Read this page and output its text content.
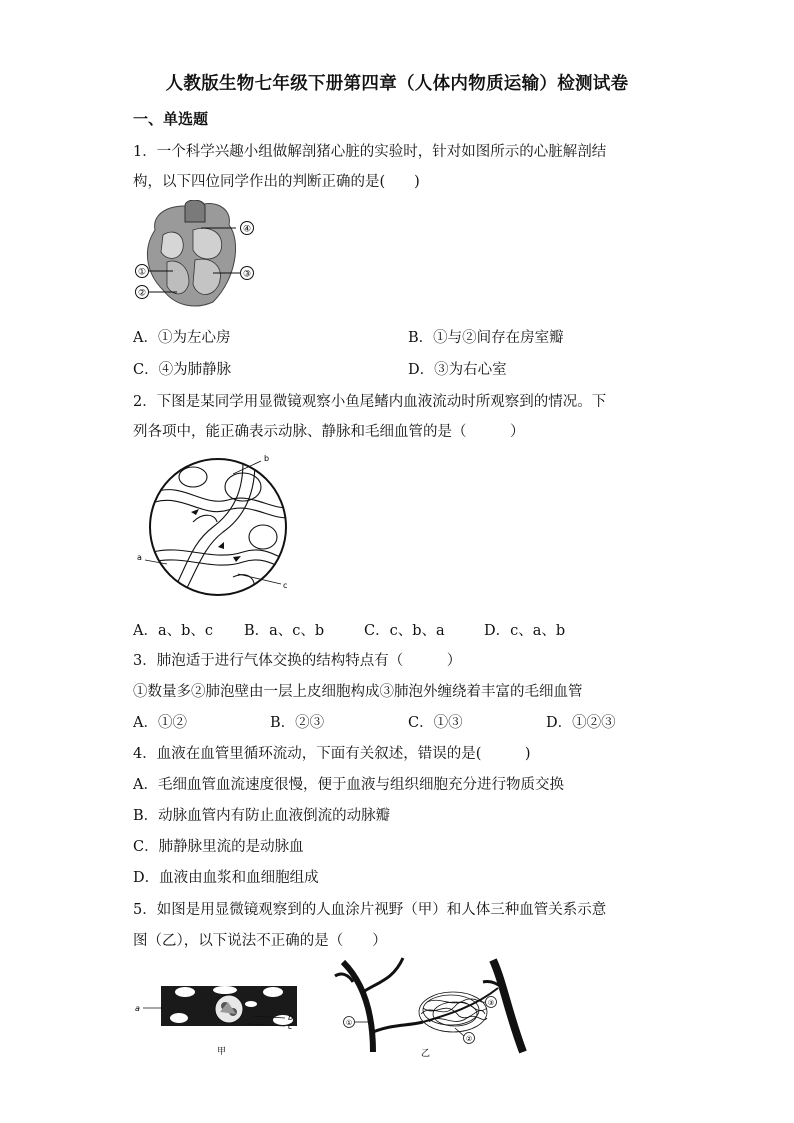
人教版生物七年级下册第四章（人体内物质运输）检测试卷
一、单选题
1．一个科学兴趣小组做解剖猪心脏的实验时，针对如图所示的心脏解剖结
构，以下四位同学作出的判断正确的是(　　)
④
①
②
③
A．①为左心房	B．①与②间存在房室瓣
C．④为肺静脉	D．③为右心室
2．下图是某同学用显微镜观察小鱼尾鳍内血液流动时所观察到的情况。下
列各项中，能正确表示动脉、静脉和毛细血管的是（　　　）
b
a
c
A．a、b、c B．a、c、b	C．c、b、a	D．c、a、b
3．肺泡适于进行气体交换的结构特点有（　　　）
①数量多②肺泡壁由一层上皮细胞构成③肺泡外缠绕着丰富的毛细血管
A．①②	B．②③	C．①③	D．①②③
4．血液在血管里循环流动，下面有关叙述，错误的是(　　　)
A．毛细血管血流速度很慢，便于血液与组织细胞充分进行物质交换
B．动脉血管内有防止血液倒流的动脉瓣
C．肺静脉里流的是动脉血
D．血液由血浆和血细胞组成
5．如图是用显微镜观察到的人血涂片视野（甲）和人体三种血管关系示意
图（乙），以下说法不正确的是（　　）
a
b
c
甲
①
②
③
乙
